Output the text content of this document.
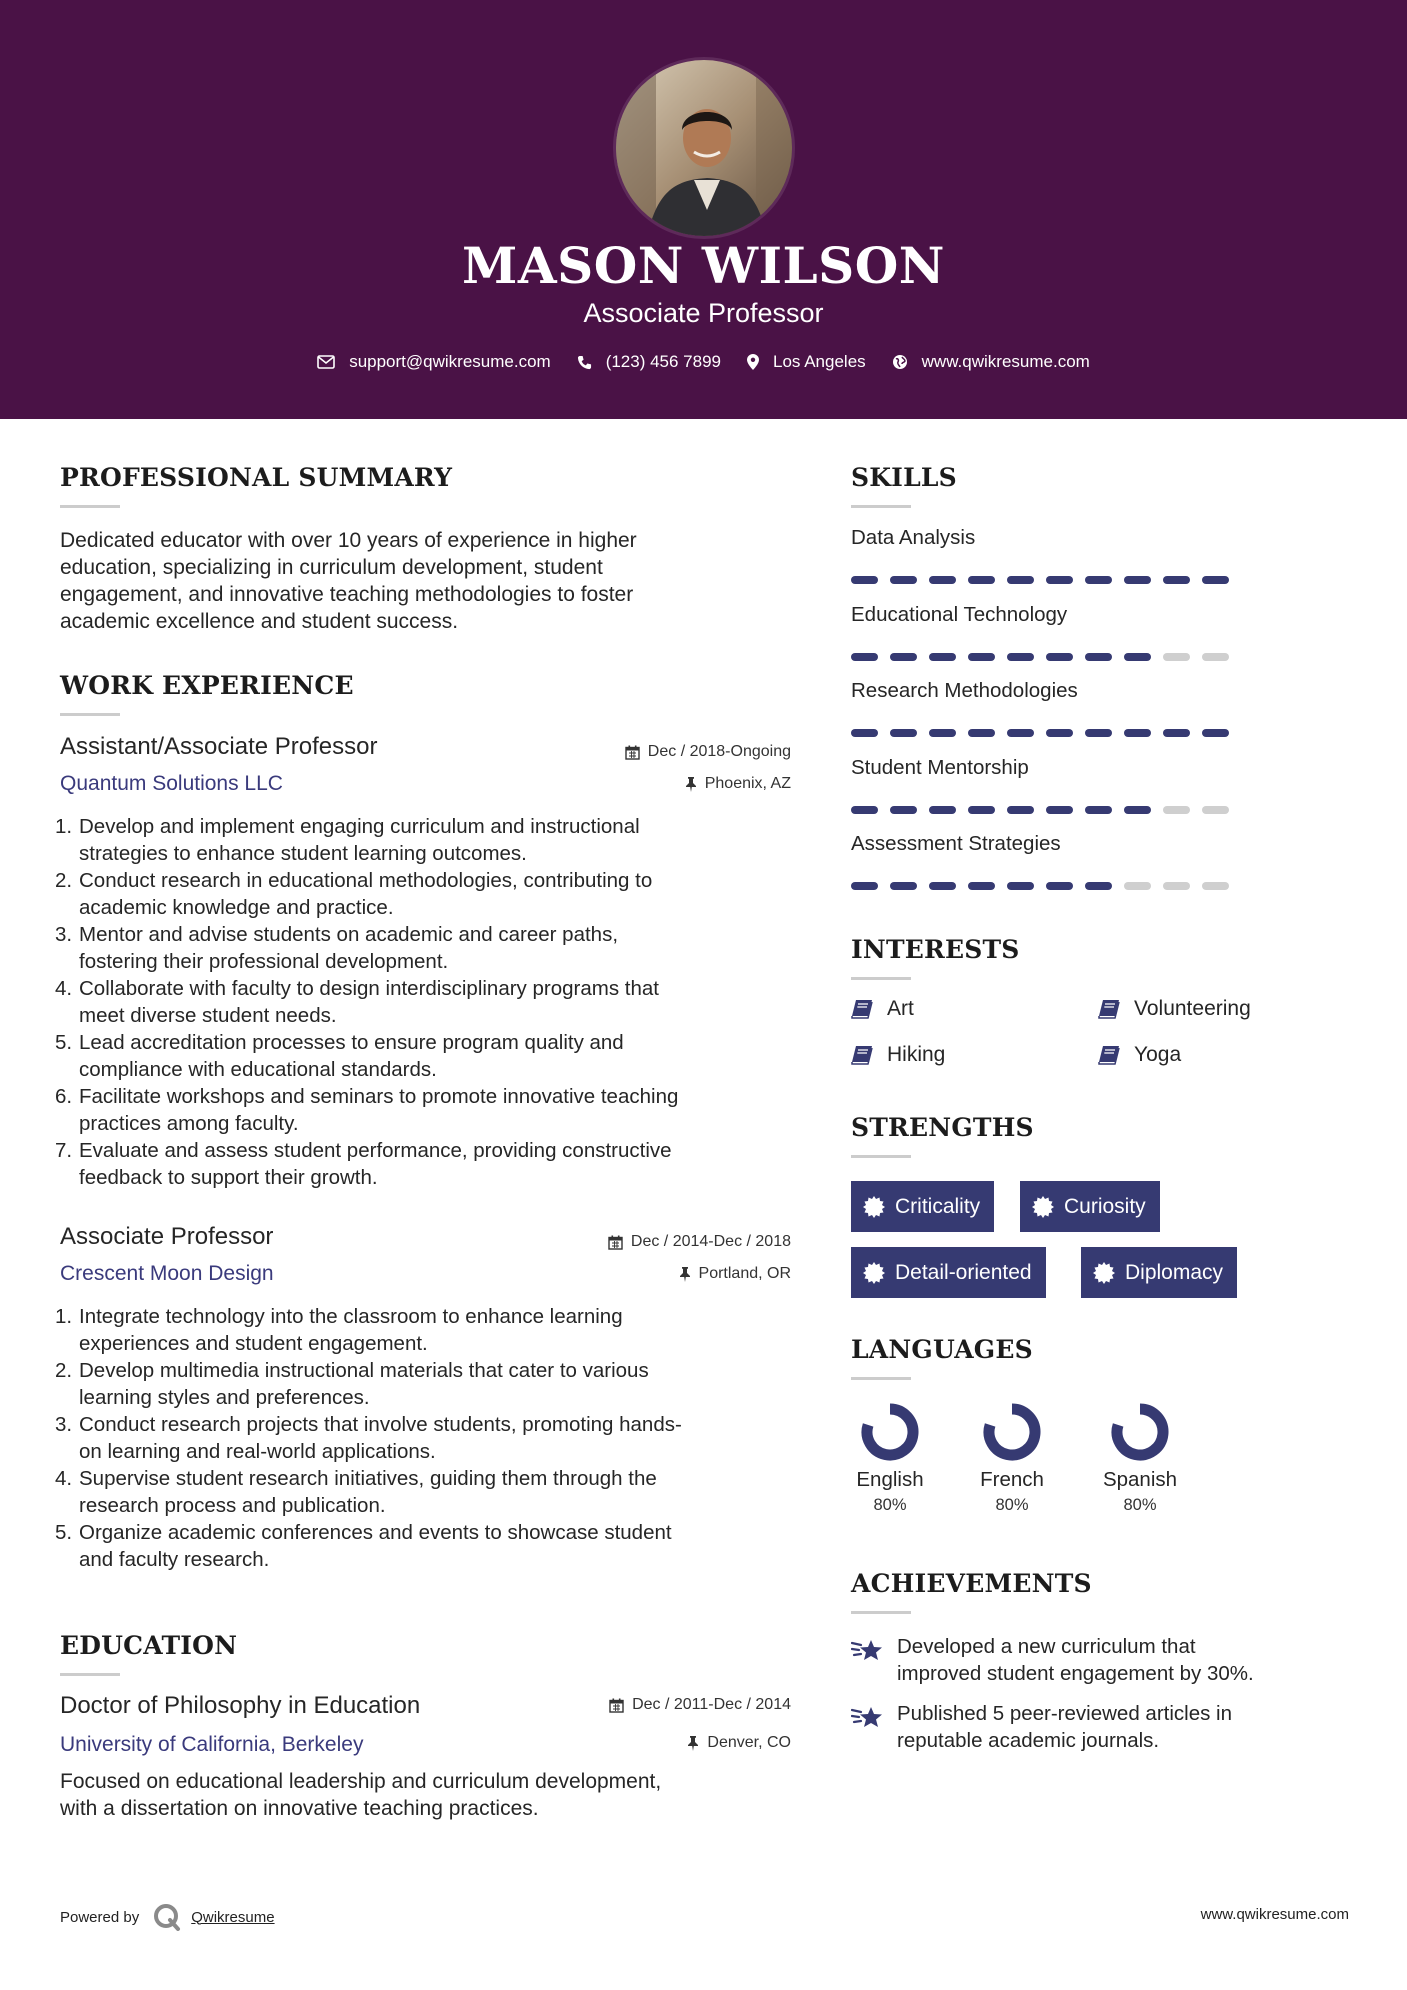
MASON WILSON
Associate Professor
support@qwikresume.com	(123) 456 7899	Los Angeles	www.qwikresume.com
PROFESSIONAL SUMMARY
Dedicated educator with over 10 years of experience in higher
education, specializing in curriculum development, student
engagement, and innovative teaching methodologies to foster
academic excellence and student success.
WORK EXPERIENCE
Assistant/Associate Professor	Dec / 2018-Ongoing
Quantum Solutions LLC	Phoenix, AZ
1. Develop and implement engaging curriculum and instructional
strategies to enhance student learning outcomes.
2. Conduct research in educational methodologies, contributing to
academic knowledge and practice.
3. Mentor and advise students on academic and career paths,
fostering their professional development.
4. Collaborate with faculty to design interdisciplinary programs that
meet diverse student needs.
5. Lead accreditation processes to ensure program quality and
compliance with educational standards.
6. Facilitate workshops and seminars to promote innovative teaching
practices among faculty.
7. Evaluate and assess student performance, providing constructive
feedback to support their growth.
Associate Professor	Dec / 2014-Dec / 2018
Crescent Moon Design	Portland, OR
1. Integrate technology into the classroom to enhance learning
experiences and student engagement.
2. Develop multimedia instructional materials that cater to various
learning styles and preferences.
3. Conduct research projects that involve students, promoting hands-
on learning and real-world applications.
4. Supervise student research initiatives, guiding them through the
research process and publication.
5. Organize academic conferences and events to showcase student
and faculty research.
EDUCATION
Doctor of Philosophy in Education	Dec / 2011-Dec / 2014
University of California, Berkeley	Denver, CO
Focused on educational leadership and curriculum development,
with a dissertation on innovative teaching practices.
SKILLS
Data Analysis
Educational Technology
Research Methodologies
Student Mentorship
Assessment Strategies
INTERESTS
Art	Volunteering
Hiking	Yoga
STRENGTHS
Criticality	Curiosity
Detail-oriented	Diplomacy
LANGUAGES
English
80%
French
80%
Spanish
80%
ACHIEVEMENTS
Developed a new curriculum that
improved student engagement by 30%.
Published 5 peer-reviewed articles in
reputable academic journals.
Powered by	Qwikresume	www.qwikresume.com
